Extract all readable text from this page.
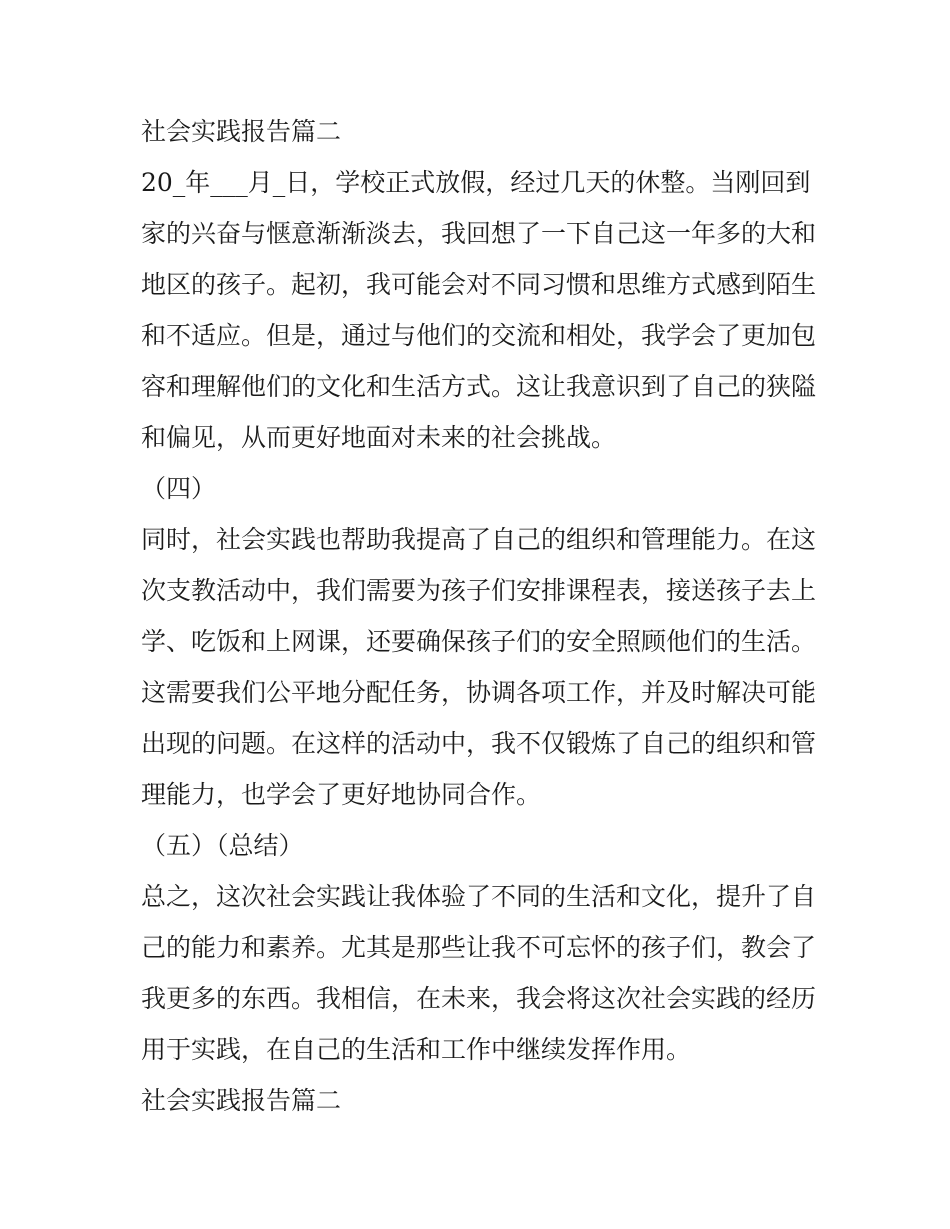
社会实践报告篇二
20_年___月_日，学校正式放假，经过几天的休整。当刚回到
家的兴奋与惬意渐渐淡去，我回想了一下自己这一年多的大和
地区的孩子。起初，我可能会对不同习惯和思维方式感到陌生
和不适应。但是，通过与他们的交流和相处，我学会了更加包
容和理解他们的文化和生活方式。这让我意识到了自己的狭隘
和偏见，从而更好地面对未来的社会挑战。
（四）
同时，社会实践也帮助我提高了自己的组织和管理能力。在这
次支教活动中，我们需要为孩子们安排课程表，接送孩子去上
学、吃饭和上网课，还要确保孩子们的安全照顾他们的生活。
这需要我们公平地分配任务，协调各项工作，并及时解决可能
出现的问题。在这样的活动中，我不仅锻炼了自己的组织和管
理能力，也学会了更好地协同合作。
（五）（总结）
总之，这次社会实践让我体验了不同的生活和文化，提升了自
己的能力和素养。尤其是那些让我不可忘怀的孩子们，教会了
我更多的东西。我相信，在未来，我会将这次社会实践的经历
用于实践，在自己的生活和工作中继续发挥作用。
社会实践报告篇二
